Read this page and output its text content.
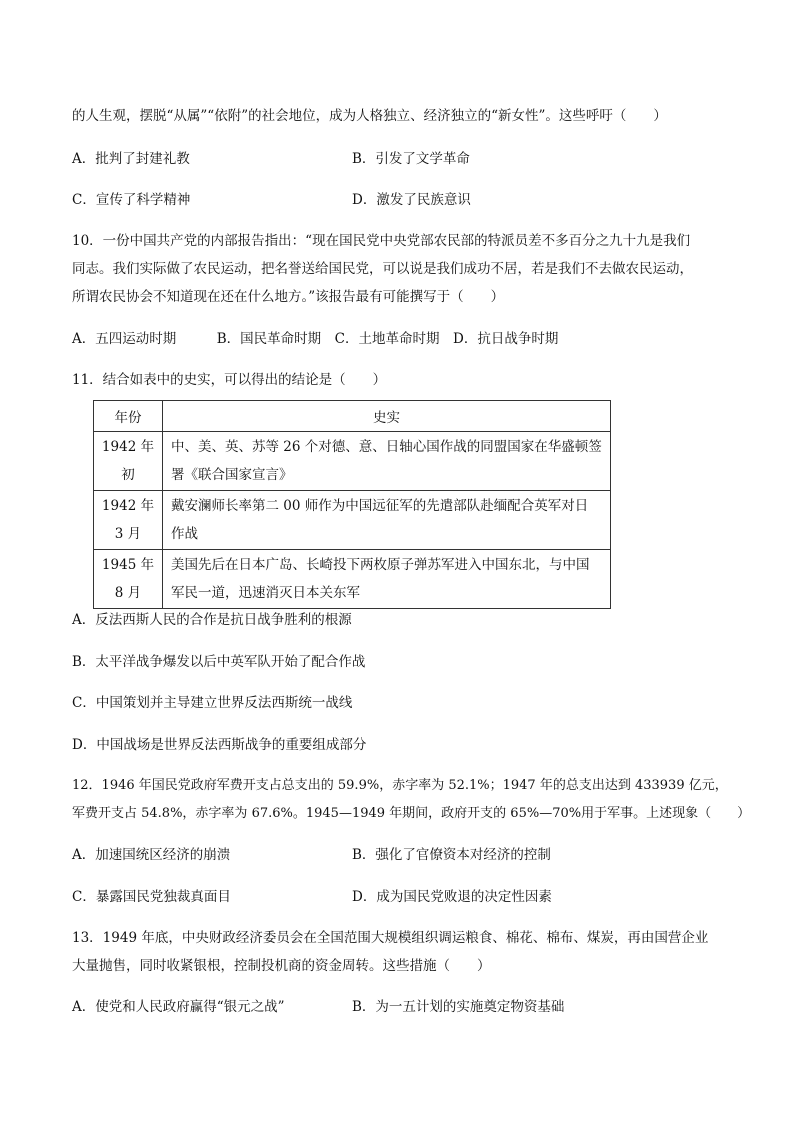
的人生观，摆脱“从属”“依附”的社会地位，成为人格独立、经济独立的“新女性”。这些呼吁（　　）
A．批判了封建礼教	B．引发了文学革命
C．宣传了科学精神	D．激发了民族意识
10．一份中国共产党的内部报告指出：“现在国民党中央党部农民部的特派员差不多百分之九十九是我们
同志。我们实际做了农民运动，把名誉送给国民党，可以说是我们成功不居，若是我们不去做农民运动，
所谓农民协会不知道现在还在什么地方。”该报告最有可能撰写于（　　）
A．五四运动时期　　　B．国民革命时期　C．土地革命时期　D．抗日战争时期
11．结合如表中的史实，可以得出的结论是（　　）
年份	史实
1942 年
初	中、美、英、苏等 26 个对德、意、日轴心国作战的同盟国家在华盛顿签
署《联合国家宣言》
1942 年
3 月	戴安澜师长率第二 00 师作为中国远征军的先遣部队赴缅配合英军对日
作战
1945 年
8 月	美国先后在日本广岛、长崎投下两枚原子弹苏军进入中国东北，与中国
军民一道，迅速消灭日本关东军
A．反法西斯人民的合作是抗日战争胜利的根源
B．太平洋战争爆发以后中英军队开始了配合作战
C．中国策划并主导建立世界反法西斯统一战线
D．中国战场是世界反法西斯战争的重要组成部分
12．1946 年国民党政府军费开支占总支出的 59.9%，赤字率为 52.1%；1947 年的总支出达到 433939 亿元，
军费开支占 54.8%，赤字率为 67.6%。1945—1949 年期间，政府开支的 65%—70%用于军事。上述现象（　　）
A．加速国统区经济的崩溃	B．强化了官僚资本对经济的控制
C．暴露国民党独裁真面目	D．成为国民党败退的决定性因素
13．1949 年底，中央财政经济委员会在全国范围大规模组织调运粮食、棉花、棉布、煤炭，再由国营企业
大量抛售，同时收紧银根，控制投机商的资金周转。这些措施（　　）
A．使党和人民政府赢得“银元之战”	B．为一五计划的实施奠定物资基础
